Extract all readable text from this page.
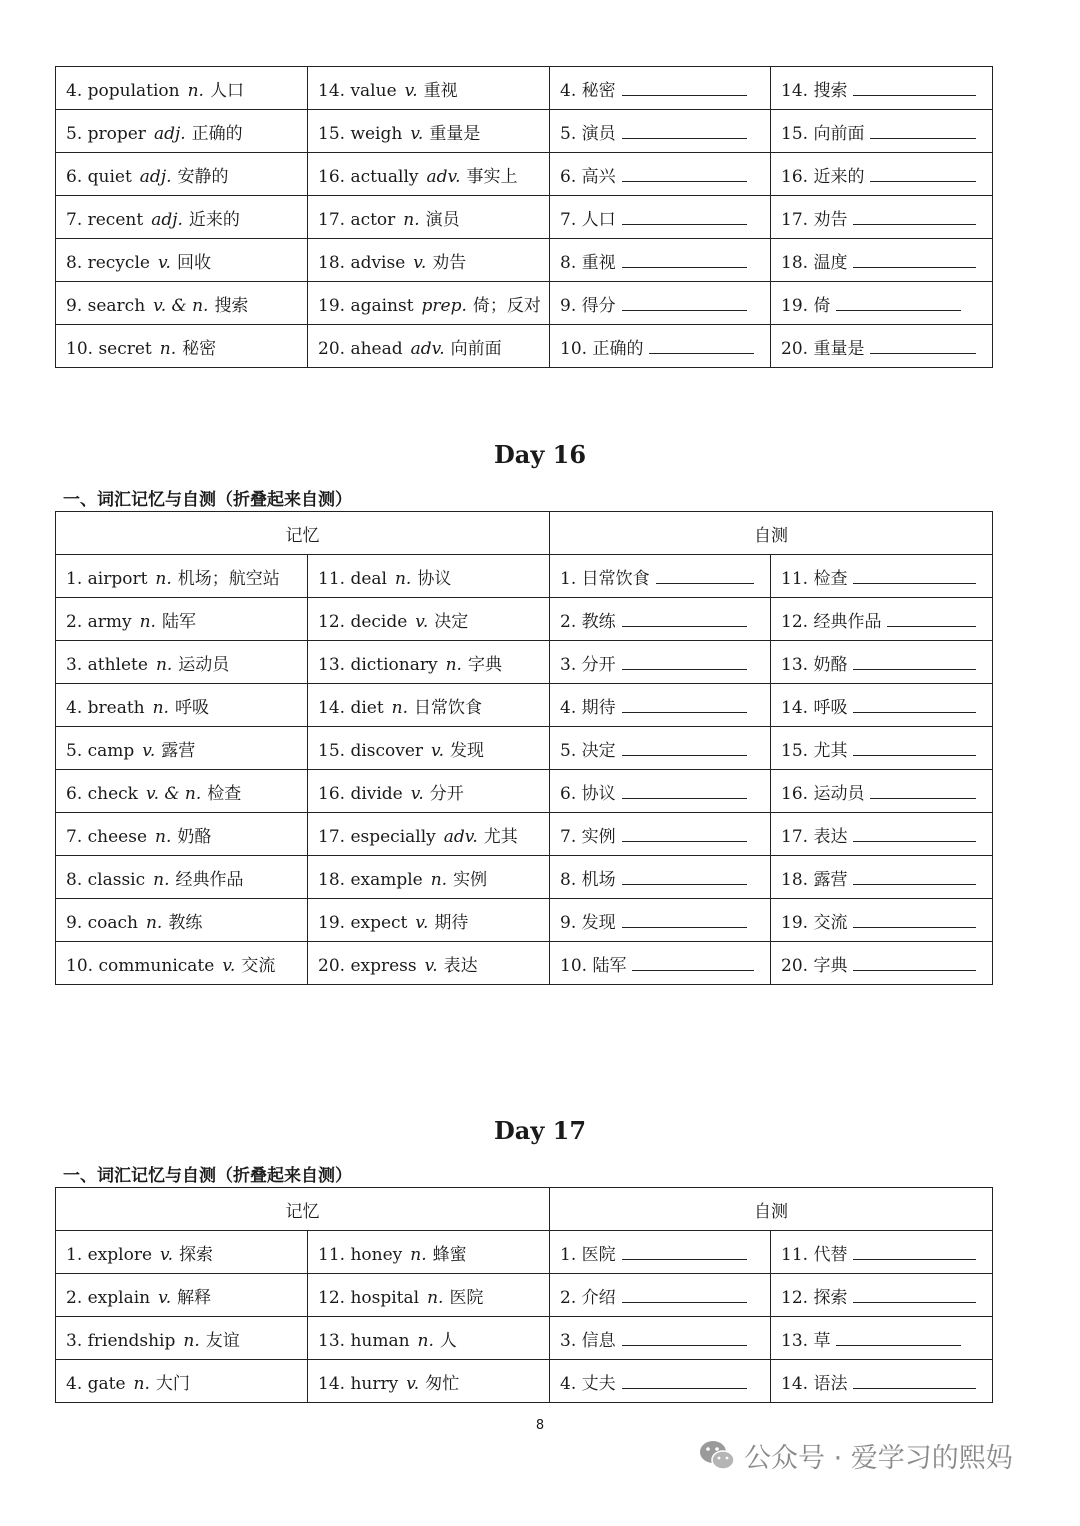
4. population n. 人口	14. value v. 重视	4. 秘密	14. 搜索
5. proper adj. 正确的	15. weigh v. 重量是	5. 演员	15. 向前面
6. quiet adj. 安静的	16. actually adv. 事实上	6. 高兴	16. 近来的
7. recent adj. 近来的	17. actor n. 演员	7. 人口	17. 劝告
8. recycle v. 回收	18. advise v. 劝告	8. 重视	18. 温度
9. search v. & n. 搜索	19. against prep. 倚；反对	9. 得分	19. 倚
10. secret n. 秘密	20. ahead adv. 向前面	10. 正确的	20. 重量是
Day 16
一、词汇记忆与自测（折叠起来自测）
记忆		自测	
1. airport n. 机场；航空站	11. deal n. 协议	1. 日常饮食	11. 检查
2. army n. 陆军	12. decide v. 决定	2. 教练	12. 经典作品
3. athlete n. 运动员	13. dictionary n. 字典	3. 分开	13. 奶酪
4. breath n. 呼吸	14. diet n. 日常饮食	4. 期待	14. 呼吸
5. camp v. 露营	15. discover v. 发现	5. 决定	15. 尤其
6. check v. & n. 检查	16. divide v. 分开	6. 协议	16. 运动员
7. cheese n. 奶酪	17. especially adv. 尤其	7. 实例	17. 表达
8. classic n. 经典作品	18. example n. 实例	8. 机场	18. 露营
9. coach n. 教练	19. expect v. 期待	9. 发现	19. 交流
10. communicate v. 交流	20. express v. 表达	10. 陆军	20. 字典
Day 17
一、词汇记忆与自测（折叠起来自测）
记忆		自测	
1. explore v. 探索	11. honey n. 蜂蜜	1. 医院	11. 代替
2. explain v. 解释	12. hospital n. 医院	2. 介绍	12. 探索
3. friendship n. 友谊	13. human n. 人	3. 信息	13. 草
4. gate n. 大门	14. hurry v. 匆忙	4. 丈夫	14. 语法
8
公众号 · 爱学习的熙妈
